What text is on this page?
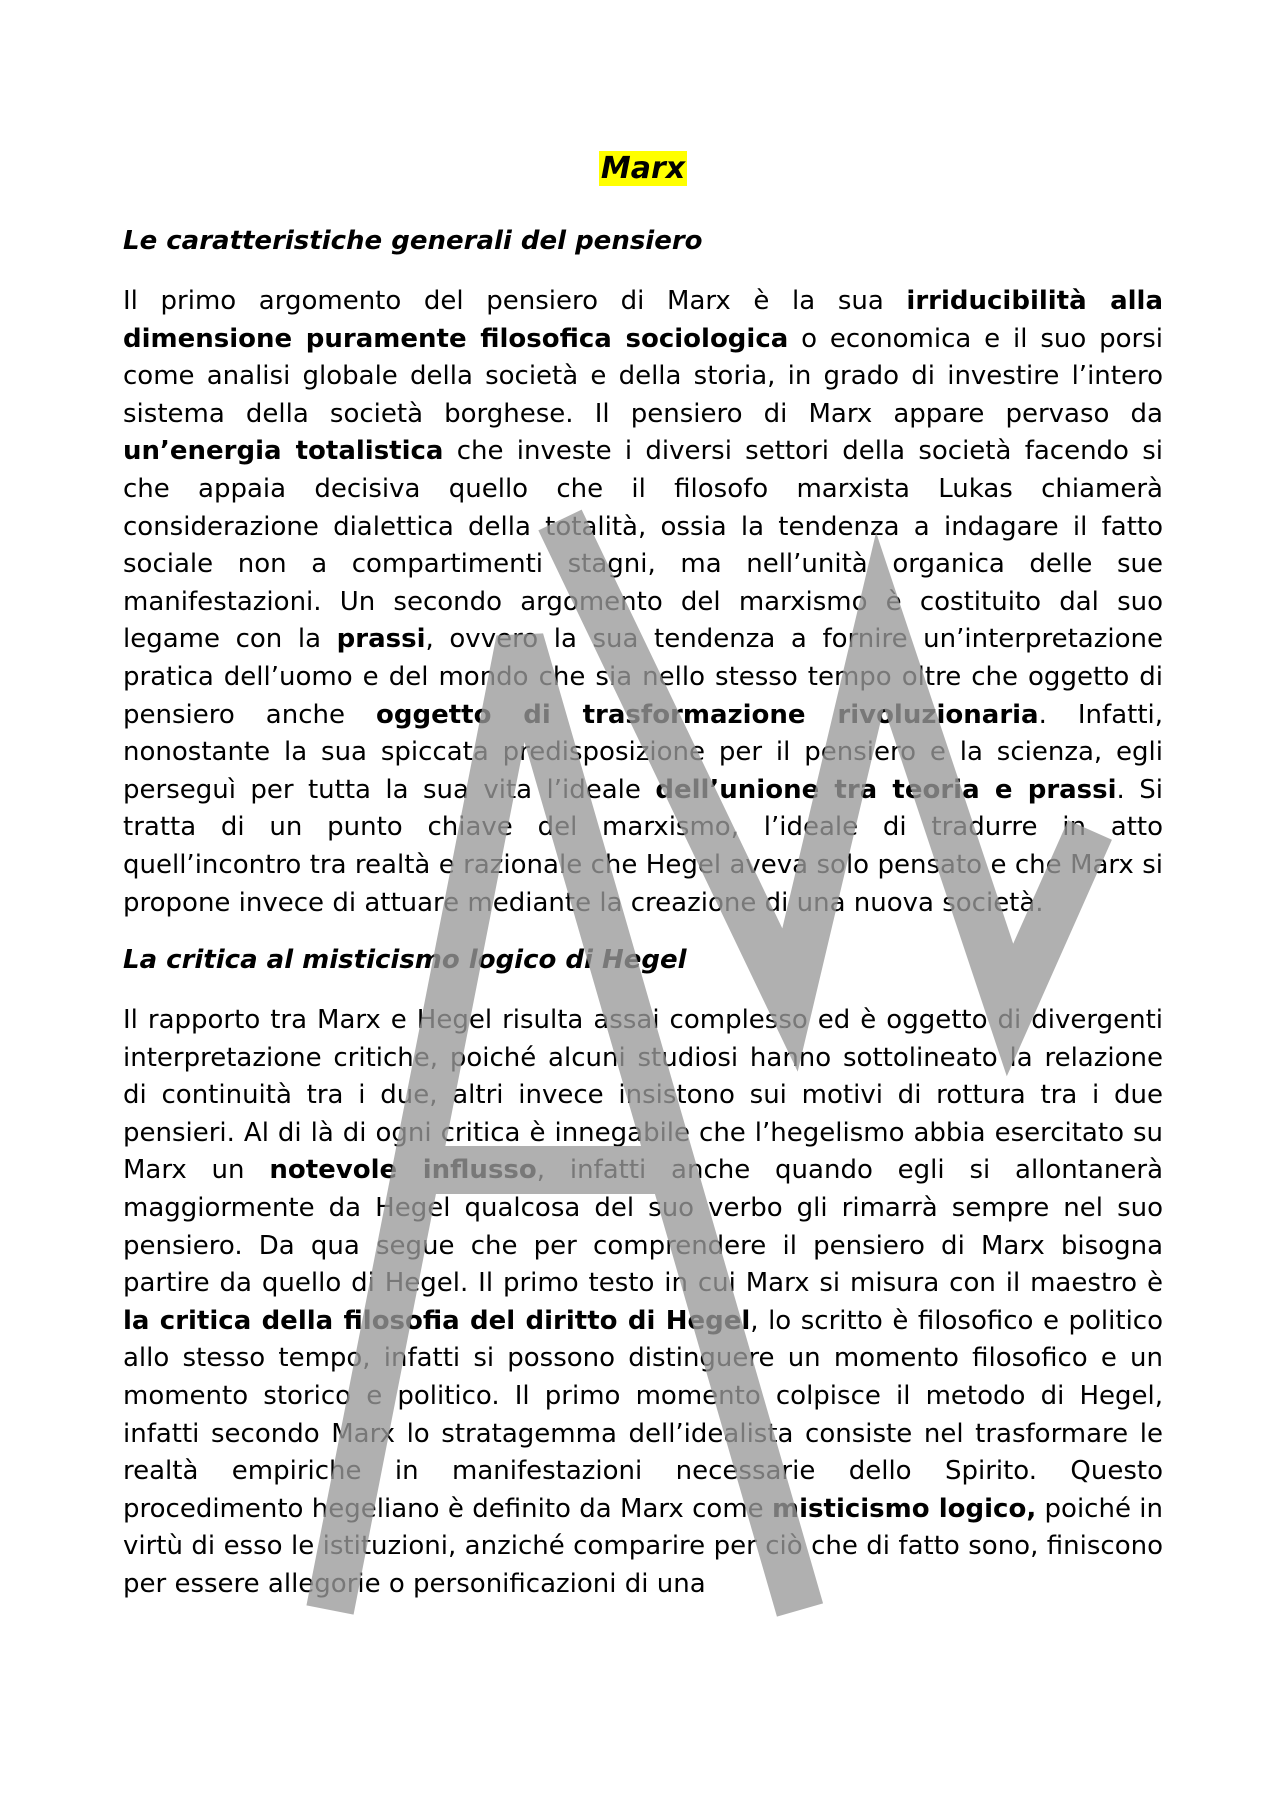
Marx
Le caratteristiche generali del pensiero

Il primo argomento del pensiero di Marx è la sua irriducibilità alla dimensione puramente filosofica sociologica o economica e il suo porsi come analisi globale della società e della storia, in grado di investire l’intero sistema della società borghese. Il pensiero di Marx appare pervaso da un’energia totalistica che investe i diversi settori della società facendo si che appaia decisiva quello che il filosofo marxista Lukas chiamerà considerazione dialettica della totalità, ossia la tendenza a indagare il fatto sociale non a compartimenti stagni, ma nell’unità organica delle sue manifestazioni. Un secondo argomento del marxismo è costituito dal suo legame con la prassi, ovvero la sua tendenza a fornire un’interpretazione pratica dell’uomo e del mondo che sia nello stesso tempo oltre che oggetto di pensiero anche oggetto di trasformazione rivoluzionaria. Infatti, nonostante la sua spiccata predisposizione per il pensiero e la scienza, egli perseguì per tutta la sua vita l’ideale dell’unione tra teoria e prassi. Si tratta di un punto chiave del marxismo, l’ideale di tradurre in atto quell’incontro tra realtà e razionale che Hegel aveva solo pensato e che Marx si propone invece di attuare mediante la creazione di una nuova società.

La critica al misticismo logico di Hegel

Il rapporto tra Marx e Hegel risulta assai complesso ed è oggetto di divergenti interpretazione critiche, poiché alcuni studiosi hanno sottolineato la relazione di continuità tra i due, altri invece insistono sui motivi di rottura tra i due pensieri. Al di là di ogni critica è innegabile che l’hegelismo abbia esercitato su Marx un notevole influsso, infatti anche quando egli si allontanerà maggiormente da Hegel qualcosa del suo verbo gli rimarrà sempre nel suo pensiero. Da qua segue che per comprendere il pensiero di Marx bisogna partire da quello di Hegel. Il primo testo in cui Marx si misura con il maestro è la critica della filosofia del diritto di Hegel, lo scritto è filosofico e politico allo stesso tempo, infatti si possono distinguere un momento filosofico e un momento storico e politico. Il primo momento colpisce il metodo di Hegel, infatti secondo Marx lo stratagemma dell’idealista consiste nel trasformare le realtà empiriche in manifestazioni necessarie dello Spirito. Questo procedimento hegeliano è definito da Marx come misticismo logico, poiché in virtù di esso le istituzioni, anziché comparire per ciò che di fatto sono, finiscono per essere allegorie o personificazioni di una
